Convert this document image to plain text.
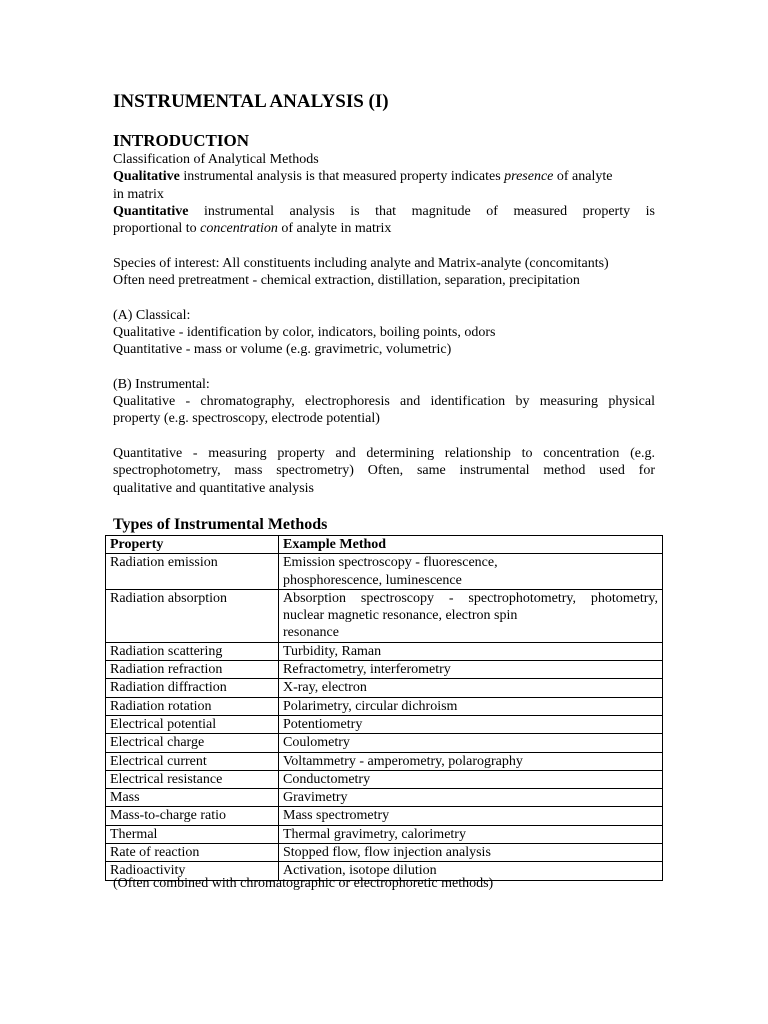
INSTRUMENTAL ANALYSIS (I)
INTRODUCTION

Classification of Analytical Methods

Qualitative instrumental analysis is that measured property indicates presence of analyte

in matrix

Quantitative instrumental analysis is that magnitude of measured property is

proportional to concentration of analyte in matrix

Species of interest: All constituents including analyte and Matrix-analyte (concomitants)

Often need pretreatment - chemical extraction, distillation, separation, precipitation

(A) Classical:

Qualitative - identification by color, indicators, boiling points, odors

Quantitative - mass or volume (e.g. gravimetric, volumetric)

(B) Instrumental:

Qualitative - chromatography, electrophoresis and identification by measuring physical

property (e.g. spectroscopy, electrode potential)

Quantitative - measuring property and determining relationship to concentration (e.g.

spectrophotometry, mass spectrometry) Often, same instrumental method used for

qualitative and quantitative analysis

Types of Instrumental Methods
Property	Example Method
Radiation emission	Emission spectroscopy - fluorescence,
phosphorescence, luminescence

Radiation absorption	Absorption spectroscopy - spectrophotometry, photometry,
nuclear magnetic resonance, electron spin
resonance

Radiation scattering	Turbidity, Raman

Radiation refraction	Refractometry, interferometry

Radiation diffraction	X-ray, electron

Radiation rotation	Polarimetry, circular dichroism

Electrical potential	Potentiometry

Electrical charge	Coulometry

Electrical current	Voltammetry - amperometry, polarography

Electrical resistance	Conductometry

Mass	Gravimetry

Mass-to-charge ratio	Mass spectrometry

Thermal	Thermal gravimetry, calorimetry

Rate of reaction	Stopped flow, flow injection analysis

Radioactivity	Activation, isotope dilution
(Often combined with chromatographic or electrophoretic methods)
